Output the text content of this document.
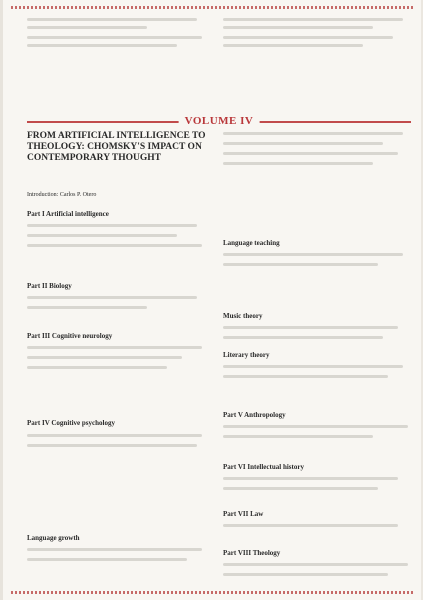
VOLUME IV
FROM ARTIFICIAL INTELLIGENCE TO THEOLOGY: CHOMSKY'S IMPACT ON CONTEMPORARY THOUGHT
Introduction: Carlos P. Otero
Part I Artificial intelligence
Part II Biology
Part III Cognitive neurology
Part IV Cognitive psychology
Language growth
Language teaching
Music theory
Literary theory
Part V Anthropology
Part VI Intellectual history
Part VII Law
Part VIII Theology
